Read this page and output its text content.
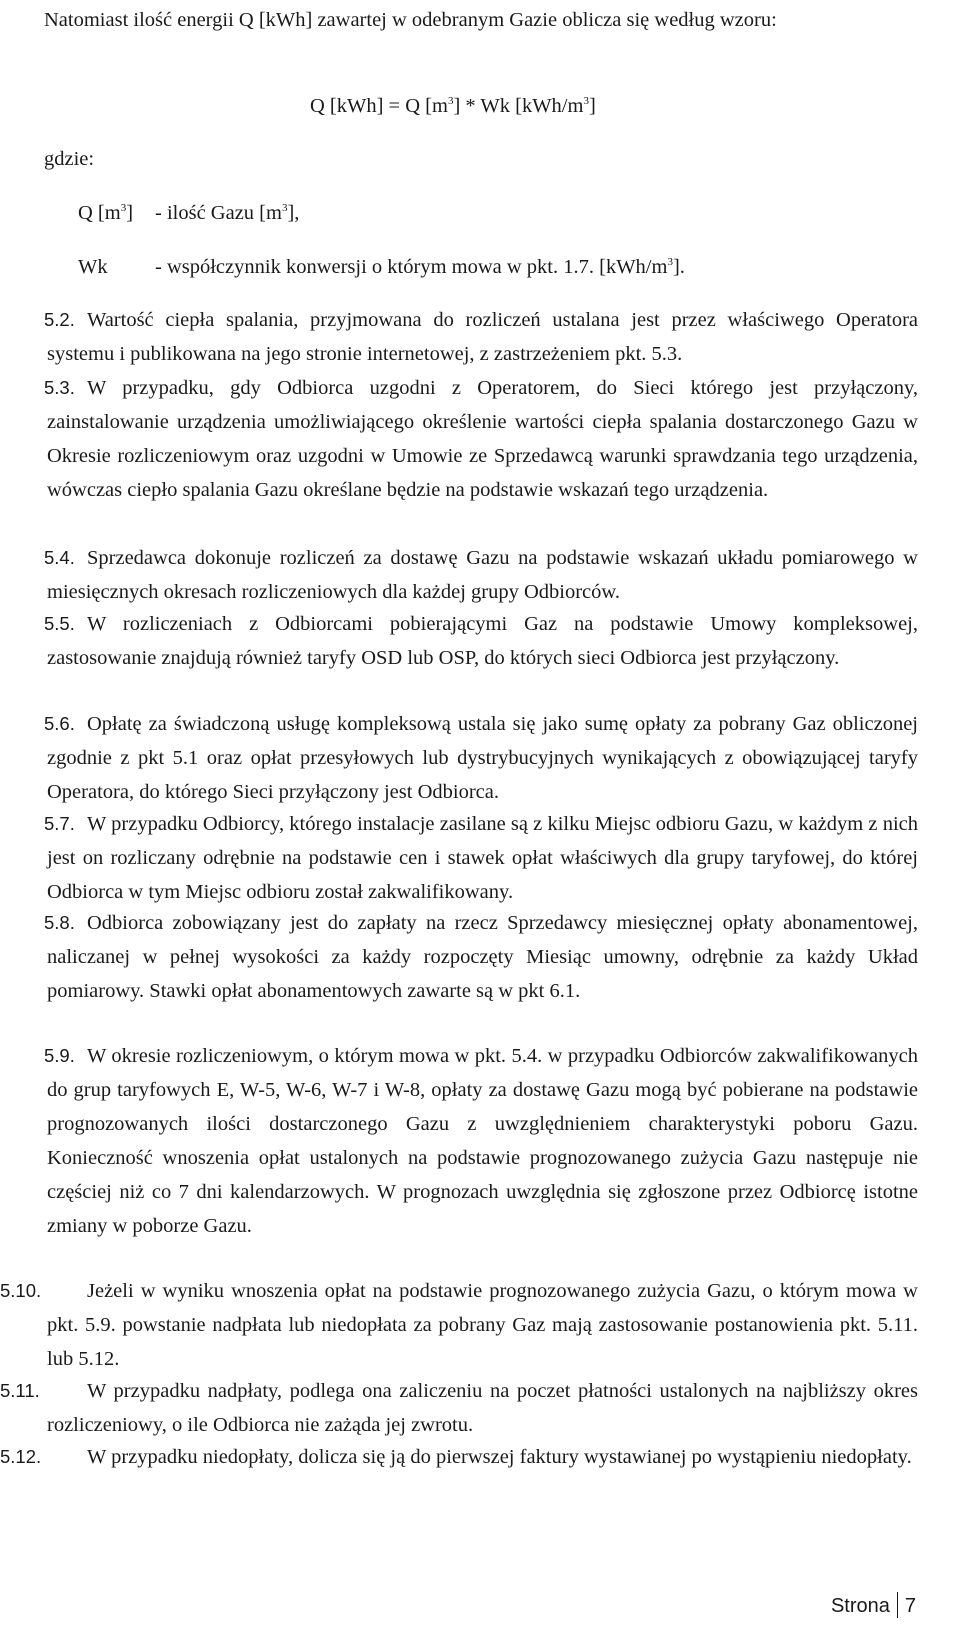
Natomiast ilość energii Q [kWh] zawartej w odebranym Gazie oblicza się według wzoru:
Q [kWh] = Q $[m^3]$ * Wk $[kWh/m^3]$
gdzie:
Q $[m^3]$ - ilość Gazu $[m^3]$,
Wk - współczynnik konwersji o którym mowa w pkt. 1.7. $[kWh/m^3]$.
5.2. Wartość ciepła spalania, przyjmowana do rozliczeń ustalana jest przez właściwego Operatora systemu i publikowana na jego stronie internetowej, z zastrzeżeniem pkt. 5.3.
5.3. W przypadku, gdy Odbiorca uzgodni z Operatorem, do Sieci którego jest przyłączony, zainstalowanie urządzenia umożliwiającego określenie wartości ciepła spalania dostarczonego Gazu w Okresie rozliczeniowym oraz uzgodni w Umowie ze Sprzedawcą warunki sprawdzania tego urządzenia, wówczas ciepło spalania Gazu określane będzie na podstawie wskazań tego urządzenia.
5.4. Sprzedawca dokonuje rozliczeń za dostawę Gazu na podstawie wskazań układu pomiarowego w miesięcznych okresach rozliczeniowych dla każdej grupy Odbiorców.
5.5. W rozliczeniach z Odbiorcami pobierającymi Gaz na podstawie Umowy kompleksowej, zastosowanie znajdują również taryfy OSD lub OSP, do których sieci Odbiorca jest przyłączony.
5.6. Opłatę za świadczoną usługę kompleksową ustala się jako sumę opłaty za pobrany Gaz obliczonej zgodnie z pkt 5.1 oraz opłat przesyłowych lub dystrybucyjnych wynikających z obowiązującej taryfy Operatora, do którego Sieci przyłączony jest Odbiorca.
5.7. W przypadku Odbiorcy, którego instalacje zasilane są z kilku Miejsc odbioru Gazu, w każdym z nich jest on rozliczany odrębnie na podstawie cen i stawek opłat właściwych dla grupy taryfowej, do której Odbiorca w tym Miejsc odbioru został zakwalifikowany.
5.8. Odbiorca zobowiązany jest do zapłaty na rzecz Sprzedawcy miesięcznej opłaty abonamentowej, naliczanej w pełnej wysokości za każdy rozpoczęty Miesiąc umowny, odrębnie za każdy Układ pomiarowy. Stawki opłat abonamentowych zawarte są w pkt 6.1.
5.9. W okresie rozliczeniowym, o którym mowa w pkt. 5.4. w przypadku Odbiorców zakwalifikowanych do grup taryfowych E, W-5, W-6, W-7 i W-8, opłaty za dostawę Gazu mogą być pobierane na podstawie prognozowanych ilości dostarczonego Gazu z uwzględnieniem charakterystyki poboru Gazu. Konieczność wnoszenia opłat ustalonych na podstawie prognozowanego zużycia Gazu następuje nie częściej niż co 7 dni kalendarzowych. W prognozach uwzględnia się zgłoszone przez Odbiorcę istotne zmiany w poborze Gazu.
5.10.	Jeżeli w wyniku wnoszenia opłat na podstawie prognozowanego zużycia Gazu, o którym mowa w pkt. 5.9. powstanie nadpłata lub niedopłata za pobrany Gaz mają zastosowanie postanowienia pkt. 5.11. lub 5.12.
5.11.	W przypadku nadpłaty, podlega ona zaliczeniu na poczet płatności ustalonych na najbliższy okres rozliczeniowy, o ile Odbiorca nie zażąda jej zwrotu.
5.12.	W przypadku niedopłaty, dolicza się ją do pierwszej faktury wystawianej po wystąpieniu niedopłaty.
Strona 7
